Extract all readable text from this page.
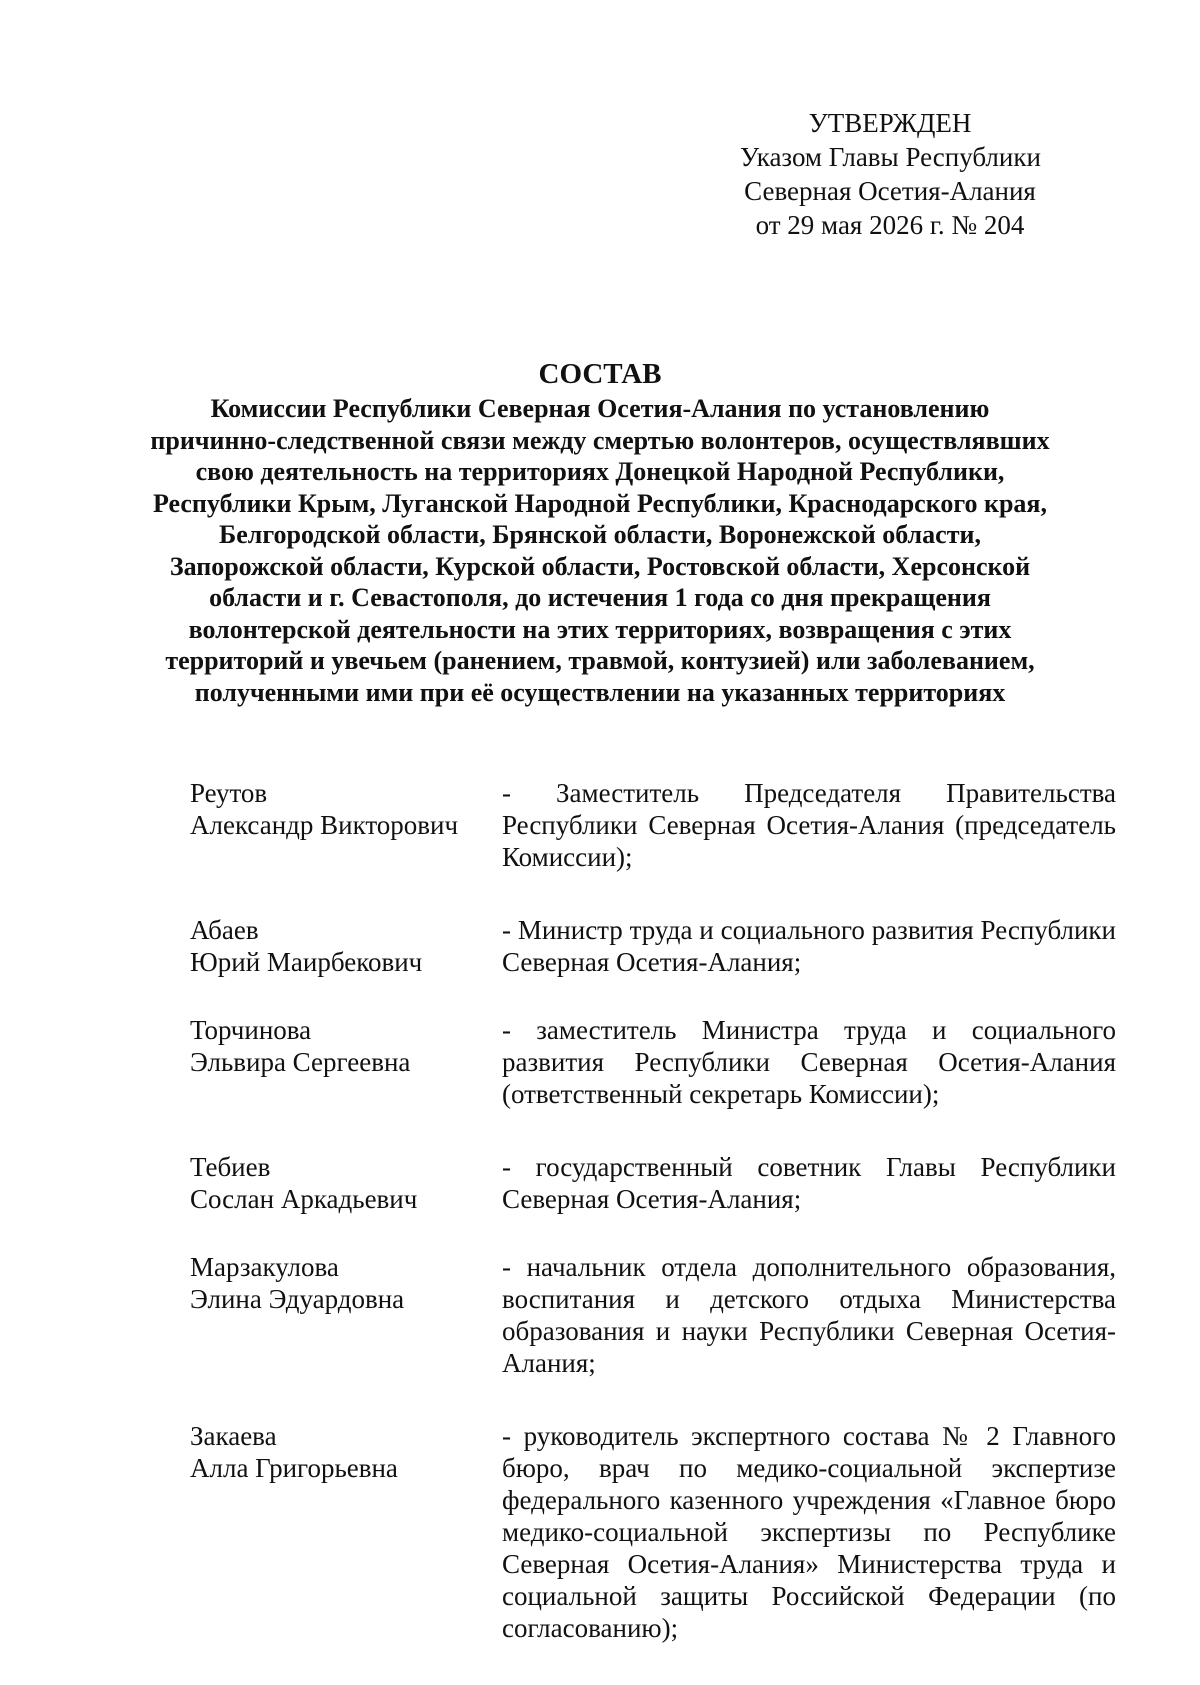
УТВЕРЖДЕН
Указом Главы Республики
Северная Осетия-Алания
от 29 мая 2026 г. № 204
СОСТАВ
Комиссии Республики Северная Осетия-Алания по установлению причинно-следственной связи между смертью волонтеров, осуществлявших свою деятельность на территориях Донецкой Народной Республики, Республики Крым, Луганской Народной Республики, Краснодарского края, Белгородской области, Брянской области, Воронежской области, Запорожской области, Курской области, Ростовской области, Херсонской области и г. Севастополя, до истечения 1 года со дня прекращения волонтерской деятельности на этих территориях, возвращения с этих территорий и увечьем (ранением, травмой, контузией) или заболеванием, полученными ими при её осуществлении на указанных территориях
Реутов
Александр Викторович
- Заместитель Председателя Правительства Республики Северная Осетия-Алания (председатель Комиссии);
Абаев
Юрий Маирбекович
- Министр труда и социального развития Республики Северная Осетия-Алания;
Торчинова
Эльвира Сергеевна
- заместитель Министра труда и социального развития Республики Северная Осетия-Алания (ответственный секретарь Комиссии);
Тебиев
Сослан Аркадьевич
- государственный советник Главы Республики Северная Осетия-Алания;
Марзакулова
Элина Эдуардовна
- начальник отдела дополнительного образования, воспитания и детского отдыха Министерства образования и науки Республики Северная Осетия-Алания;
Закаева
Алла Григорьевна
- руководитель экспертного состава № 2 Главного бюро, врач по медико-социальной экспертизе федерального казенного учреждения «Главное бюро медико-социальной экспертизы по Республике Северная Осетия-Алания» Министерства труда и социальной защиты Российской Федерации (по согласованию);
